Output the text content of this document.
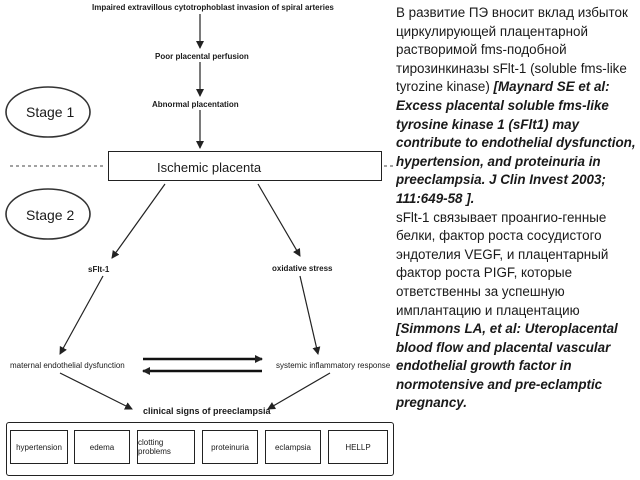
Impaired extravillous cytotrophoblast invasion of spiral arteries
Poor placental perfusion
Abnormal placentation
Stage 1
Stage 2
Ischemic placenta
sFlt-1	oxidative stress
maternal endothelial dysfunction	systemic inflammatory response
clinical signs of preeclampsia
hypertension	edema	clotting problems	proteinuria	eclampsia	HELLP
В развитие ПЭ вносит вклад избыток циркулирующей плацентарной растворимой fms-подобной тирозинкиназы sFlt-1 (soluble fms-like tyrozine kinase) [Maynard SE et al: Excess placental soluble fms-like tyrosine kinase 1 (sFlt1) may contribute to endothelial dysfunction, hypertension, and proteinuria in preeclampsia. J Clin Invest 2003; 111:649-58 ].
sFlt-1 связывает проангио-генные белки, фактор роста сосудистого эндотелия VEGF, и плацентарный фактор роста PIGF, которые ответственны за успешную имплантацию и плацентацию [Simmons LA, et al: Uteroplacental blood flow and placental vascular endothelial growth factor in normotensive and pre-eclamptic pregnancy.
